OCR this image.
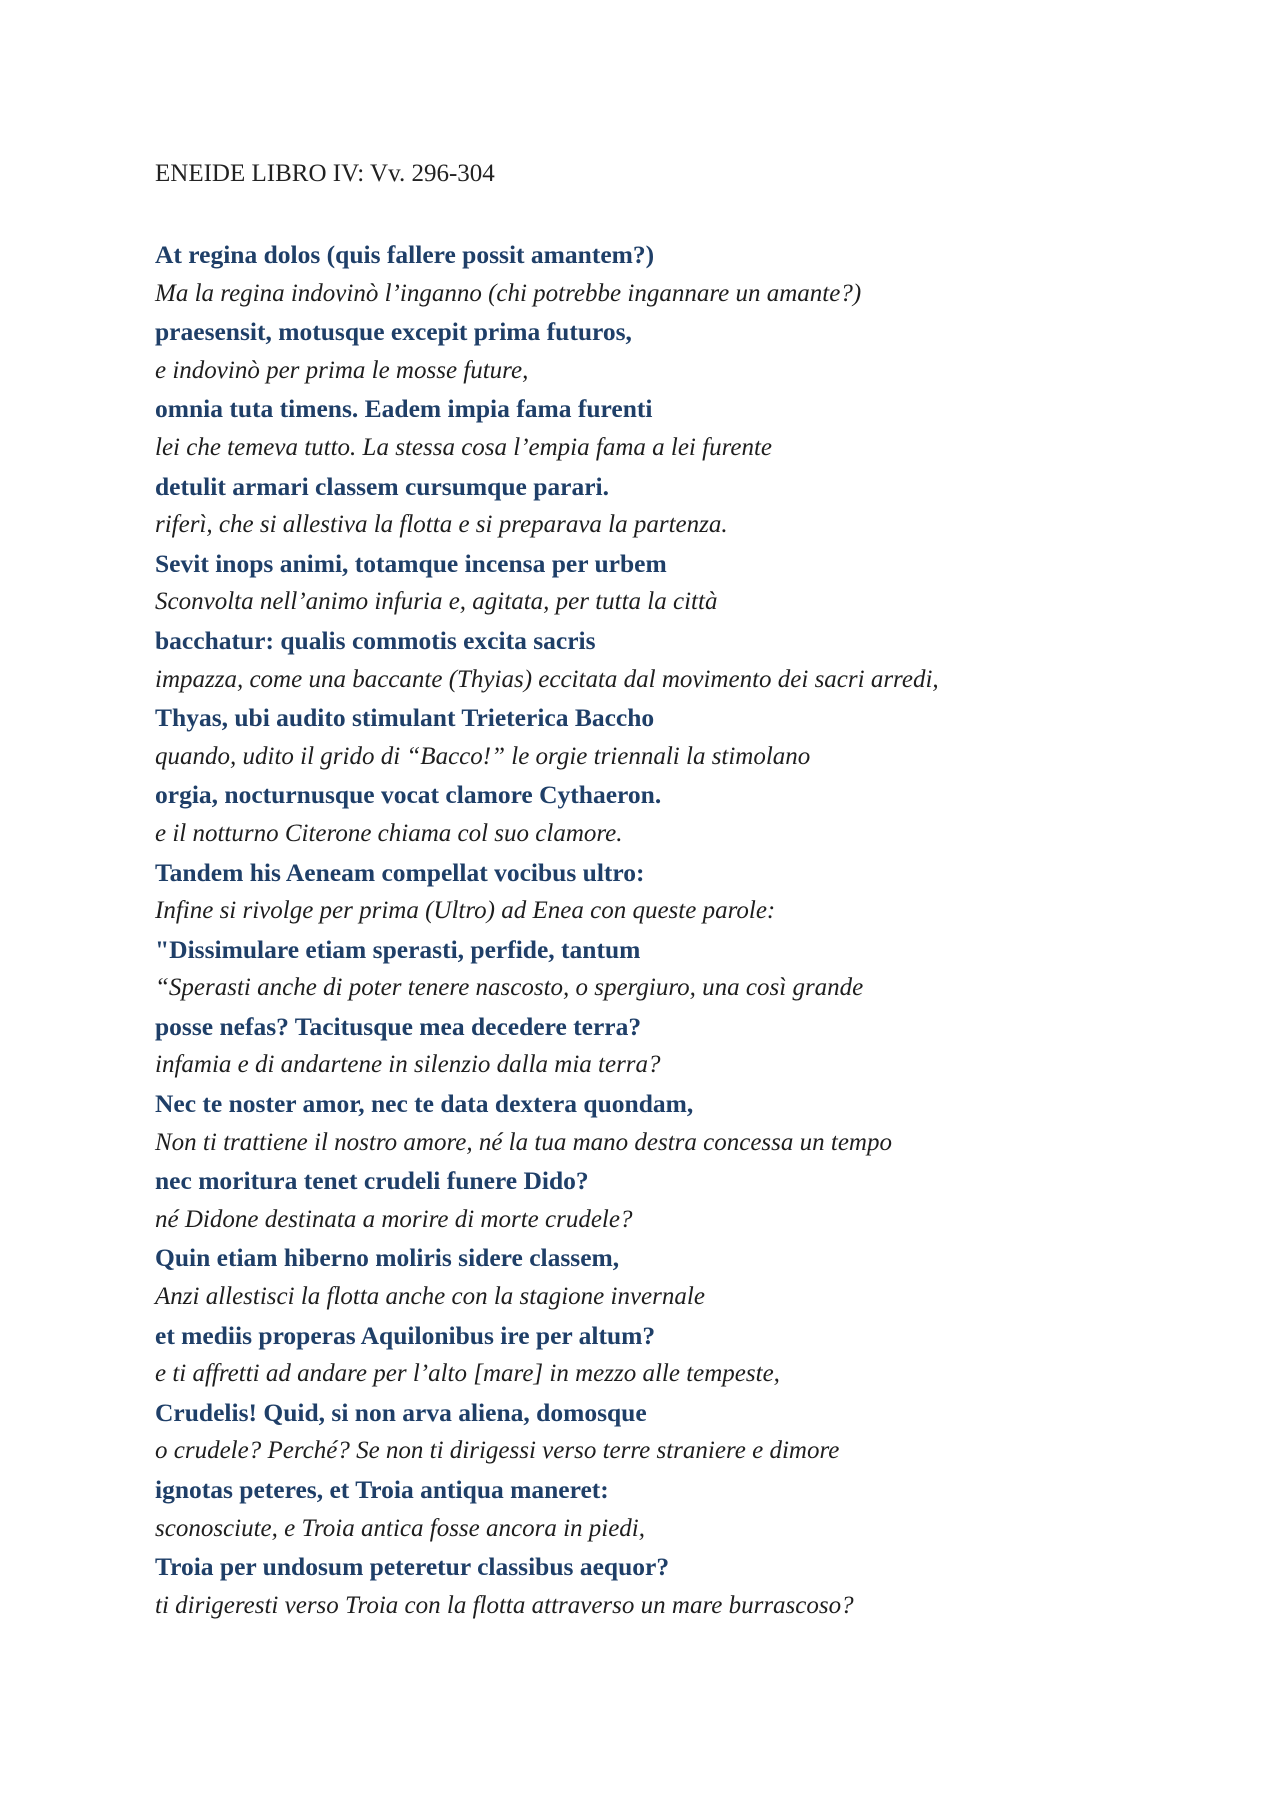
ENEIDE LIBRO IV: Vv. 296-304
At regina dolos (quis fallere possit amantem?)
Ma la regina indovinò l’inganno (chi potrebbe ingannare un amante?)
praesensit, motusque excepit prima futuros,
e indovinò per prima le mosse future,
omnia tuta timens. Eadem impia fama furenti
lei che temeva tutto. La stessa cosa l’empia fama a lei furente
detulit armari classem cursumque parari.
riferì, che si allestiva la flotta e si preparava la partenza.
Sevit inops animi, totamque incensa per urbem
Sconvolta nell’animo infuria e, agitata, per tutta la città
bacchatur: qualis commotis excita sacris
impazza, come una baccante (Thyias) eccitata dal movimento dei sacri arredi,
Thyas, ubi audito stimulant Trieterica Baccho
quando, udito il grido di “Bacco!” le orgie triennali la stimolano
orgia, nocturnusque vocat clamore Cythaeron.
e il notturno Citerone chiama col suo clamore.
Tandem his Aeneam compellat vocibus ultro:
Infine si rivolge per prima (Ultro) ad Enea con queste parole:
"Dissimulare etiam sperasti, perfide, tantum
“Sperasti anche di poter tenere nascosto, o spergiuro, una così grande
posse nefas? Tacitusque mea decedere terra?
infamia e di andartene in silenzio dalla mia terra?
Nec te noster amor, nec te data dextera quondam,
Non ti trattiene il nostro amore, né la tua mano destra concessa un tempo
nec moritura tenet crudeli funere Dido?
né Didone destinata a morire di morte crudele?
Quin etiam hiberno moliris sidere classem,
Anzi allestisci la flotta anche con la stagione invernale
et mediis properas Aquilonibus ire per altum?
e ti affretti ad andare per l’alto [mare] in mezzo alle tempeste,
Crudelis! Quid, si non arva aliena, domosque
o crudele? Perché? Se non ti dirigessi verso terre straniere e dimore
ignotas peteres, et Troia antiqua maneret:
sconosciute, e Troia antica fosse ancora in piedi,
Troia per undosum peteretur classibus aequor?
ti dirigeresti verso Troia con la flotta attraverso un mare burrascoso?
